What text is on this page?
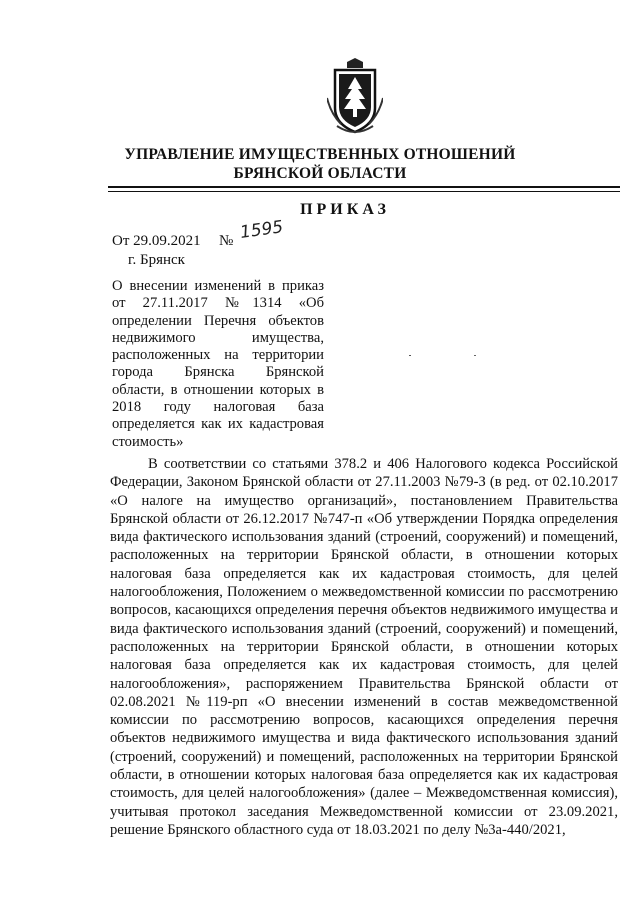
УПРАВЛЕНИЕ ИМУЩЕСТВЕННЫХ ОТНОШЕНИЙ
БРЯНСКОЙ ОБЛАСТИ
ПРИКАЗ
От 29.09.2021 № 1595
г. Брянск

О внесении изменений в приказ от 27.11.2017 №1314 «Об определении Перечня объектов недвижимого имущества, расположенных на территории города Брянска Брянской области, в отношении которых в 2018 году налоговая база определяется как их кадастровая стоимость»

В соответствии со статьями 378.2 и 406 Налогового кодекса Российской Федерации, Законом Брянской области от 27.11.2003 №79-З (в ред. от 02.10.2017 «О налоге на имущество организаций», постановлением Правительства Брянской области от 26.12.2017 №747-п «Об утверждении Порядка определения вида фактического использования зданий (строений, сооружений) и помещений, расположенных на территории Брянской области, в отношении которых налоговая база определяется как их кадастровая стоимость, для целей налогообложения, Положением о межведомственной комиссии по рассмотрению вопросов, касающихся определения перечня объектов недвижимого имущества и вида фактического использования зданий (строений, сооружений) и помещений, расположенных на территории Брянской области, в отношении которых налоговая база определяется как их кадастровая стоимость, для целей налогообложения», распоряжением Правительства Брянской области от 02.08.2021 №119-рп «О внесении изменений в состав межведомственной комиссии по рассмотрению вопросов, касающихся определения перечня объектов недвижимого имущества и вида фактического использования зданий (строений, сооружений) и помещений, расположенных на территории Брянской области, в отношении которых налоговая база определяется как их кадастровая стоимость, для целей налогообложения» (далее – Межведомственная комиссия), учитывая протокол заседания Межведомственной комиссии от 23.09.2021, решение Брянского областного суда от 18.03.2021 по делу №3а-440/2021,
